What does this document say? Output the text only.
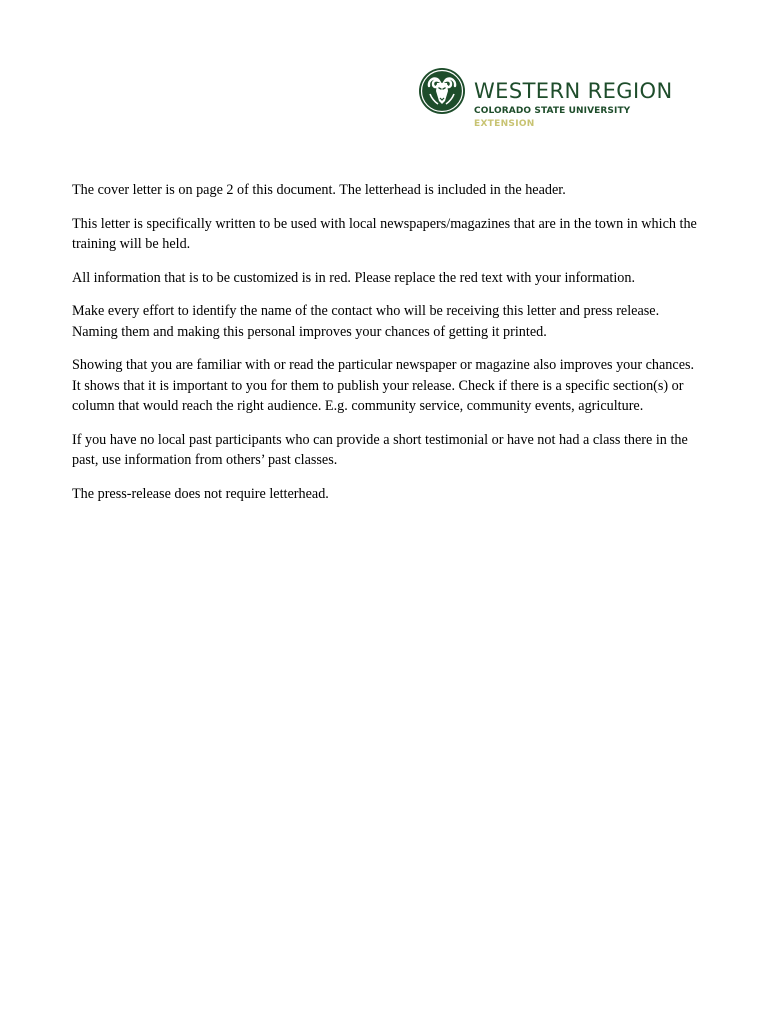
WESTERN REGION
COLORADO STATE UNIVERSITY
EXTENSION

The cover letter is on page 2 of this document. The letterhead is included in the header.

This letter is specifically written to be used with local newspapers/magazines that are in the town in which the training will be held.

All information that is to be customized is in red. Please replace the red text with your information.

Make every effort to identify the name of the contact who will be receiving this letter and press release. Naming them and making this personal improves your chances of getting it printed.

Showing that you are familiar with or read the particular newspaper or magazine also improves your chances. It shows that it is important to you for them to publish your release. Check if there is a specific section(s) or column that would reach the right audience. E.g. community service, community events, agriculture.

If you have no local past participants who can provide a short testimonial or have not had a class there in the past, use information from others’ past classes.

The press-release does not require letterhead.
